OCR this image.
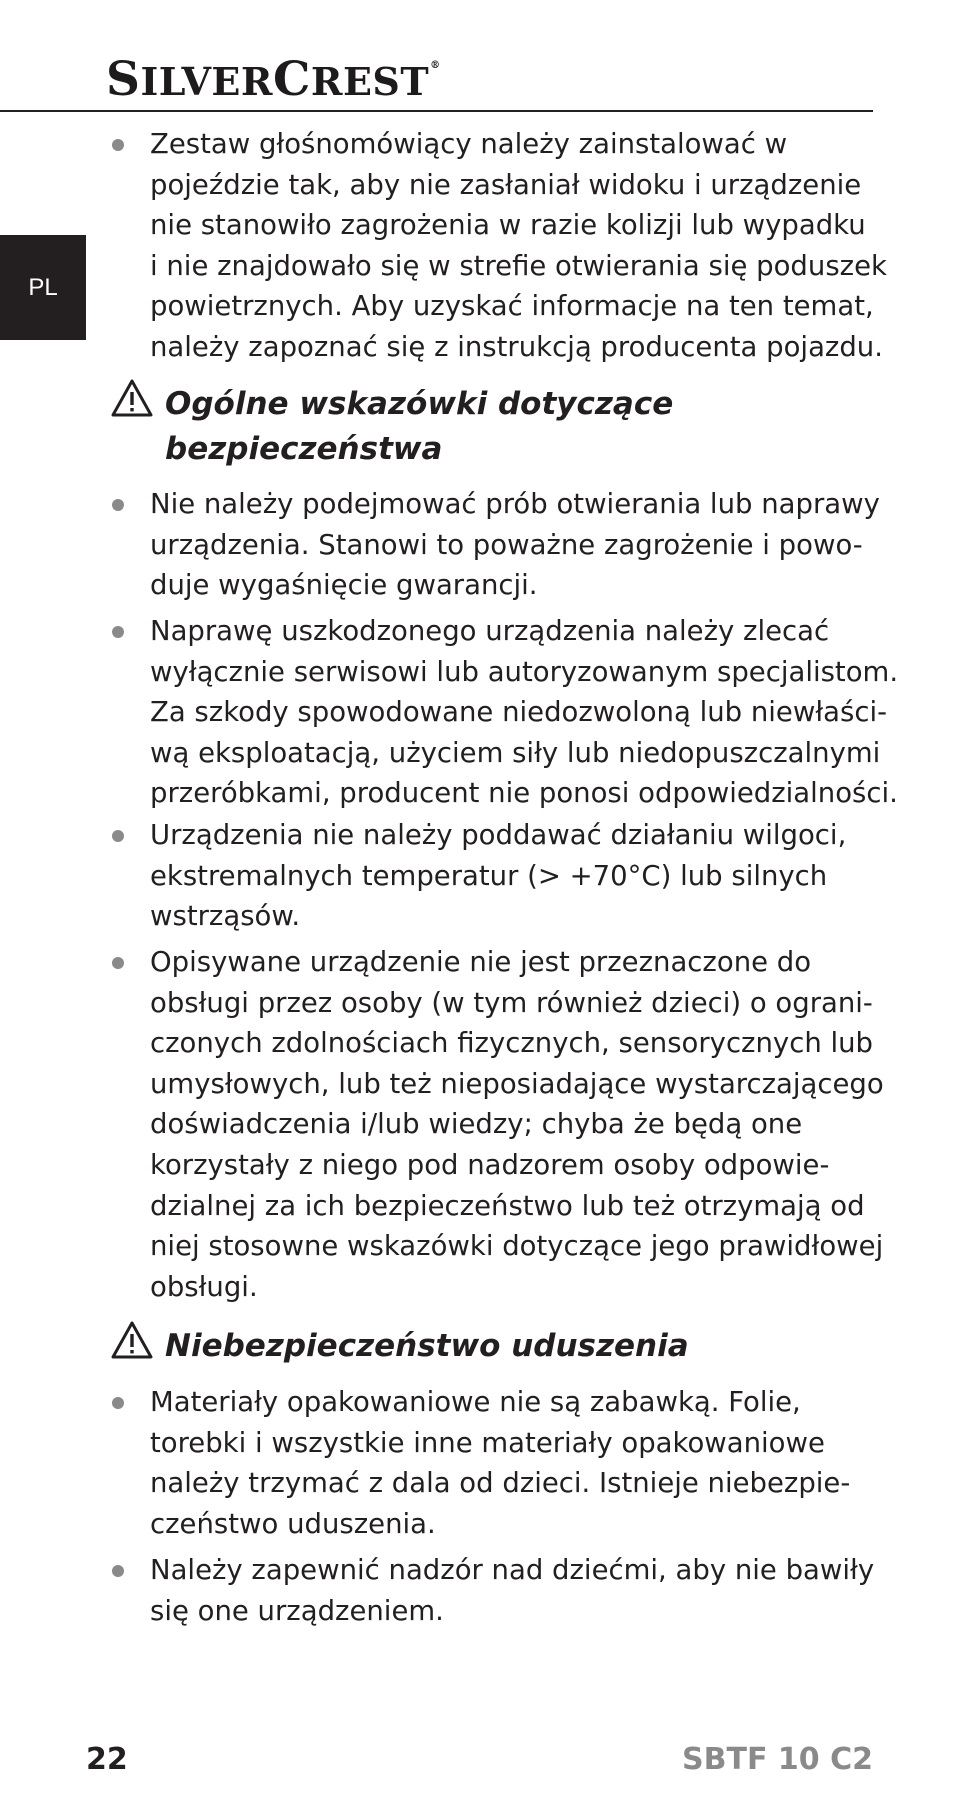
SILVERCREST®
PL
Zestaw głośnomówiący należy zainstalować w
pojeździe tak, aby nie zasłaniał widoku i urządzenie
nie stanowiło zagrożenia w razie kolizji lub wypadku
i nie znajdowało się w strefie otwierania się poduszek
powietrznych. Aby uzyskać informacje na ten temat,
należy zapoznać się z instrukcją producenta pojazdu.
Ogólne wskazówki dotyczące
bezpieczeństwa
Nie należy podejmować prób otwierania lub naprawy
urządzenia. Stanowi to poważne zagrożenie i powo-
duje wygaśnięcie gwarancji.
Naprawę uszkodzonego urządzenia należy zlecać
wyłącznie serwisowi lub autoryzowanym specjalistom.
Za szkody spowodowane niedozwoloną lub niewłaści-
wą eksploatacją, użyciem siły lub niedopuszczalnymi
przeróbkami, producent nie ponosi odpowiedzialności.
Urządzenia nie należy poddawać działaniu wilgoci,
ekstremalnych temperatur (> +70°C) lub silnych
wstrząsów.
Opisywane urządzenie nie jest przeznaczone do
obsługi przez osoby (w tym również dzieci) o ograni-
czonych zdolnościach fizycznych, sensorycznych lub
umysłowych, lub też nieposiadające wystarczającego
doświadczenia i/lub wiedzy; chyba że będą one
korzystały z niego pod nadzorem osoby odpowie-
dzialnej za ich bezpieczeństwo lub też otrzymają od
niej stosowne wskazówki dotyczące jego prawidłowej
obsługi.
Niebezpieczeństwo uduszenia
Materiały opakowaniowe nie są zabawką. Folie,
torebki i wszystkie inne materiały opakowaniowe
należy trzymać z dala od dzieci. Istnieje niebezpie-
czeństwo uduszenia.
Należy zapewnić nadzór nad dziećmi, aby nie bawiły
się one urządzeniem.
22	SBTF 10 C2
